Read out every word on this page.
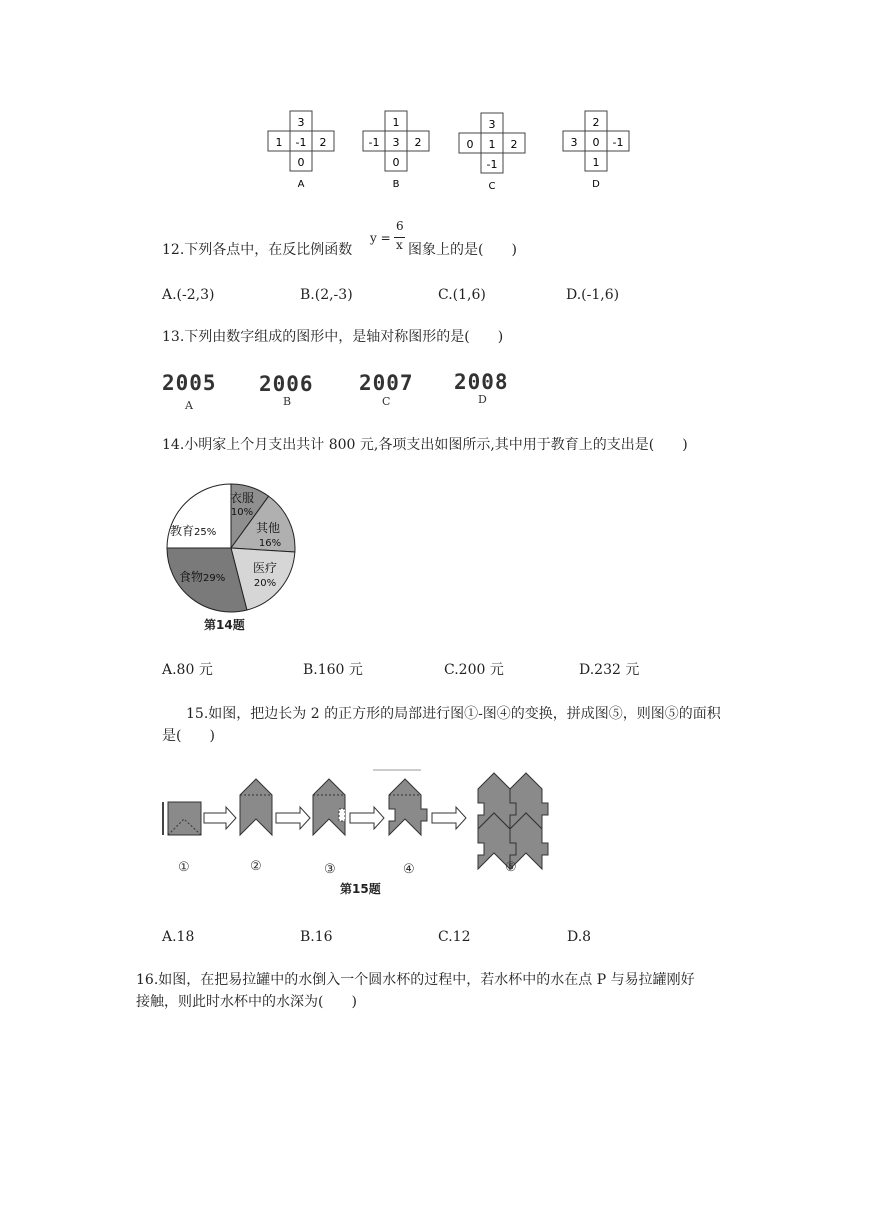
3
1 -1 2
0
A
1
-1 3 2
0
B
3
0 1 2
-1
C
2
3 0 -1
1
D
12.下列各点中，在反比例函数
y =
6
x 图象上的是(　　)
A.(-2,3)	B.(2,-3)	C.(1,6)	D.(-1,6)
13.下列由数字组成的图形中，是轴对称图形的是(　　)
2005
A
2006
B
2007
C
2008
D
14.小明家上个月支出共计 800 元,各项支出如图所示,其中用于教育上的支出是(　　)
衣服
10%
其他
16%
医疗
20%
食物29%
教育25%
第14题
A.80 元	B.160 元	C.200 元	D.232 元
15.如图，把边长为 2 的正方形的局部进行图①-图④的变换，拼成图⑤，则图⑤的面积
是(　　)
①	②	③	④	⑤
第15题
A.18	B.16	C.12	D.8
16.如图，在把易拉罐中的水倒入一个圆水杯的过程中，若水杯中的水在点 P 与易拉罐刚好
接触，则此时水杯中的水深为(　　)
